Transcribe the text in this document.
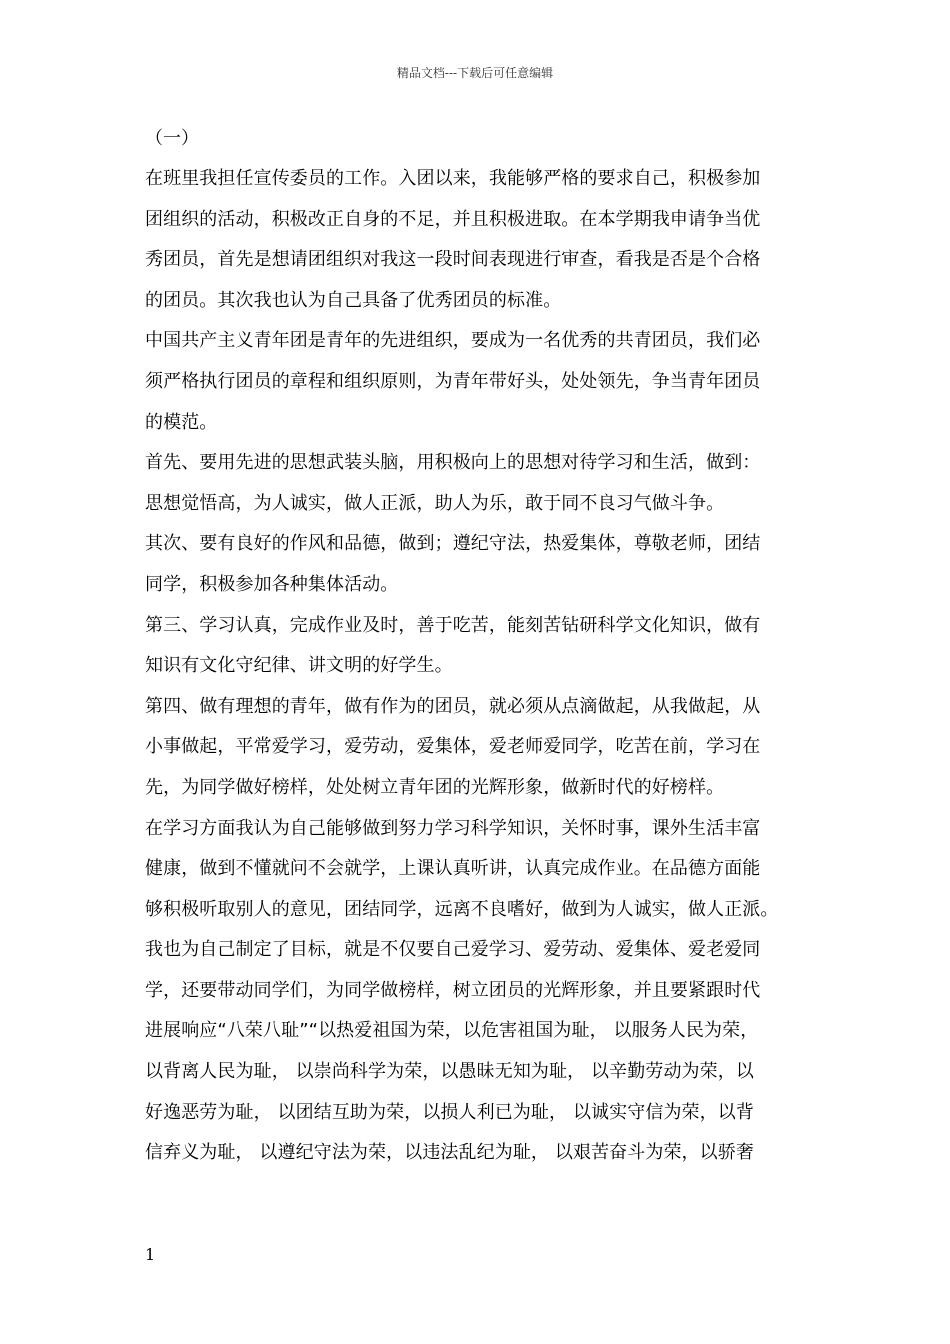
精品文档---下载后可任意编辑
（一）
在班里我担任宣传委员的工作。入团以来，我能够严格的要求自己，积极参加
团组织的活动，积极改正自身的不足，并且积极进取。在本学期我申请争当优
秀团员，首先是想请团组织对我这一段时间表现进行审查，看我是否是个合格
的团员。其次我也认为自己具备了优秀团员的标准。
中国共产主义青年团是青年的先进组织，要成为一名优秀的共青团员，我们必
须严格执行团员的章程和组织原则，为青年带好头，处处领先，争当青年团员
的模范。
首先、要用先进的思想武装头脑，用积极向上的思想对待学习和生活，做到：
思想觉悟高，为人诚实，做人正派，助人为乐，敢于同不良习气做斗争。
其次、要有良好的作风和品德，做到；遵纪守法，热爱集体，尊敬老师，团结
同学，积极参加各种集体活动。
第三、学习认真，完成作业及时，善于吃苦，能刻苦钻研科学文化知识，做有
知识有文化守纪律、讲文明的好学生。
第四、做有理想的青年，做有作为的团员，就必须从点滴做起，从我做起，从
小事做起，平常爱学习，爱劳动，爱集体，爱老师爱同学，吃苦在前，学习在
先，为同学做好榜样，处处树立青年团的光辉形象，做新时代的好榜样。
在学习方面我认为自己能够做到努力学习科学知识，关怀时事，课外生活丰富
健康，做到不懂就问不会就学，上课认真听讲，认真完成作业。在品德方面能
够积极听取别人的意见，团结同学，远离不良嗜好，做到为人诚实，做人正派。
我也为自己制定了目标，就是不仅要自己爱学习、爱劳动、爱集体、爱老爱同
学，还要带动同学们，为同学做榜样，树立团员的光辉形象，并且要紧跟时代
进展响应“八荣八耻”“以热爱祖国为荣，以危害祖国为耻， 以服务人民为荣，
以背离人民为耻， 以崇尚科学为荣，以愚昧无知为耻， 以辛勤劳动为荣，以
好逸恶劳为耻， 以团结互助为荣，以损人利已为耻， 以诚实守信为荣，以背
信弃义为耻， 以遵纪守法为荣，以违法乱纪为耻， 以艰苦奋斗为荣，以骄奢
1
